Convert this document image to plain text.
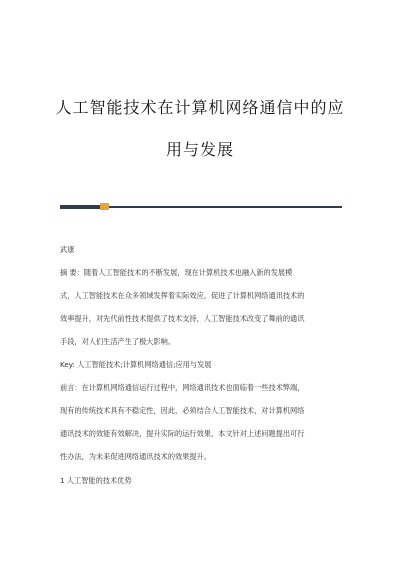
人工智能技术在计算机网络通信中的应
用与发展
武康
摘 要：随着人工智能技术的不断发展，现在计算机技术也融入新的发展模
式，人工智能技术在众多领域发挥着实际效应，促进了计算机网络通讯技术的
效率提升，对先代前性技术提供了技术支持，人工智能技术改变了舞前的通讯
手段，对人们生活产生了极大影响。
Key: 人工智能技术;计算机网络通信;应用与发展
前言：在计算机网络通信运行过程中，网络通讯技术也面临着一些技术弊端，
现有的传统技术具有不稳定性，因此，必须结合人工智能技术，对计算机网络
通讯技术的效能有效解决，提升实际的运行效果，本文针对上述问题提出可行
性办法，为未来促进网络通讯技术的效果提升。
1 人工智能的技术优势
